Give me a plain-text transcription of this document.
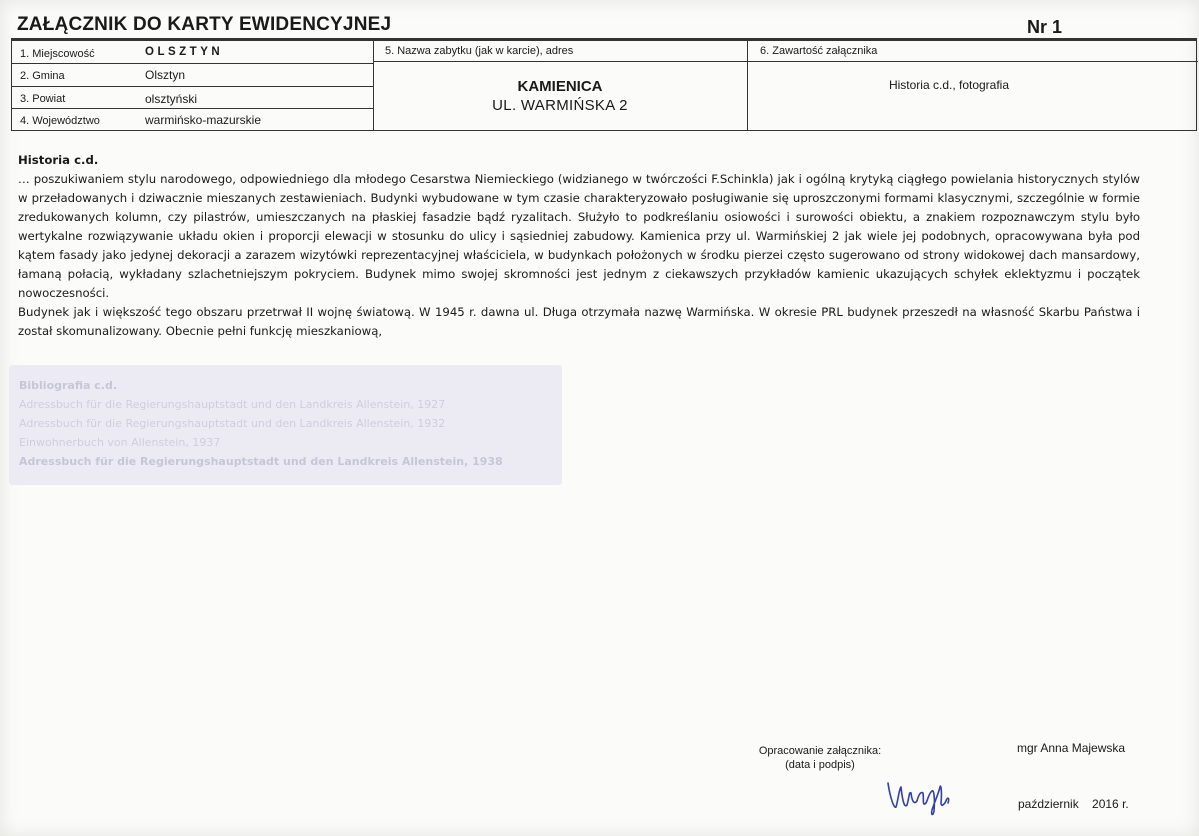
ZAŁĄCZNIK DO KARTY EWIDENCYJNEJ	Nr 1
1. Miejscowość	OLSZTYN
2. Gmina	Olsztyn
3. Powiat	olsztyński
4. Województwo	warmińsko-mazurskie
5. Nazwa zabytku (jak w karcie), adres	6. Zawartość załącznika
KAMIENICA
UL. WARMIŃSKA 2
Historia c.d., fotografia
Historia c.d.

… poszukiwaniem stylu narodowego, odpowiedniego dla młodego Cesarstwa Niemieckiego (widzianego w twórczości F.Schinkla) jak i ogólną krytyką ciągłego powielania historycznych stylów w przeładowanych i dziwacznie mieszanych zestawieniach. Budynki wybudowane w tym czasie charakteryzowało posługiwanie się uproszczonymi formami klasycznymi, szczególnie w formie zredukowanych kolumn, czy pilastrów, umieszczanych na płaskiej fasadzie bądź ryzalitach. Służyło to podkreślaniu osiowości i surowości obiektu, a znakiem rozpoznawczym stylu było wertykalne rozwiązywanie układu okien i proporcji elewacji w stosunku do ulicy i sąsiedniej zabudowy. Kamienica przy ul. Warmińskiej 2 jak wiele jej podobnych, opracowywana była pod kątem fasady jako jedynej dekoracji a zarazem wizytówki reprezentacyjnej właściciela, w budynkach położonych w środku pierzei często sugerowano od strony widokowej dach mansardowy, łamaną połacią, wykładany szlachetniejszym pokryciem. Budynek mimo swojej skromności jest jednym z ciekawszych przykładów kamienic ukazujących schyłek eklektyzmu i początek nowoczesności.

Budynek jak i większość tego obszaru przetrwał II wojnę światową. W 1945 r. dawna ul. Długa otrzymała nazwę Warmińska. W okresie PRL budynek przeszedł na własność Skarbu Państwa i został skomunalizowany. Obecnie pełni funkcję mieszkaniową,

Bibliografia c.d.
Adressbuch für die Regierungshauptstadt und den Landkreis Allenstein, 1927
Adressbuch für die Regierungshauptstadt und den Landkreis Allenstein, 1932
Einwohnerbuch von Allenstein, 1937
Adressbuch für die Regierungshauptstadt und den Landkreis Allenstein, 1938
Opracowanie załącznika:
(data i podpis)
mgr Anna Majewska
październik    2016 r.
